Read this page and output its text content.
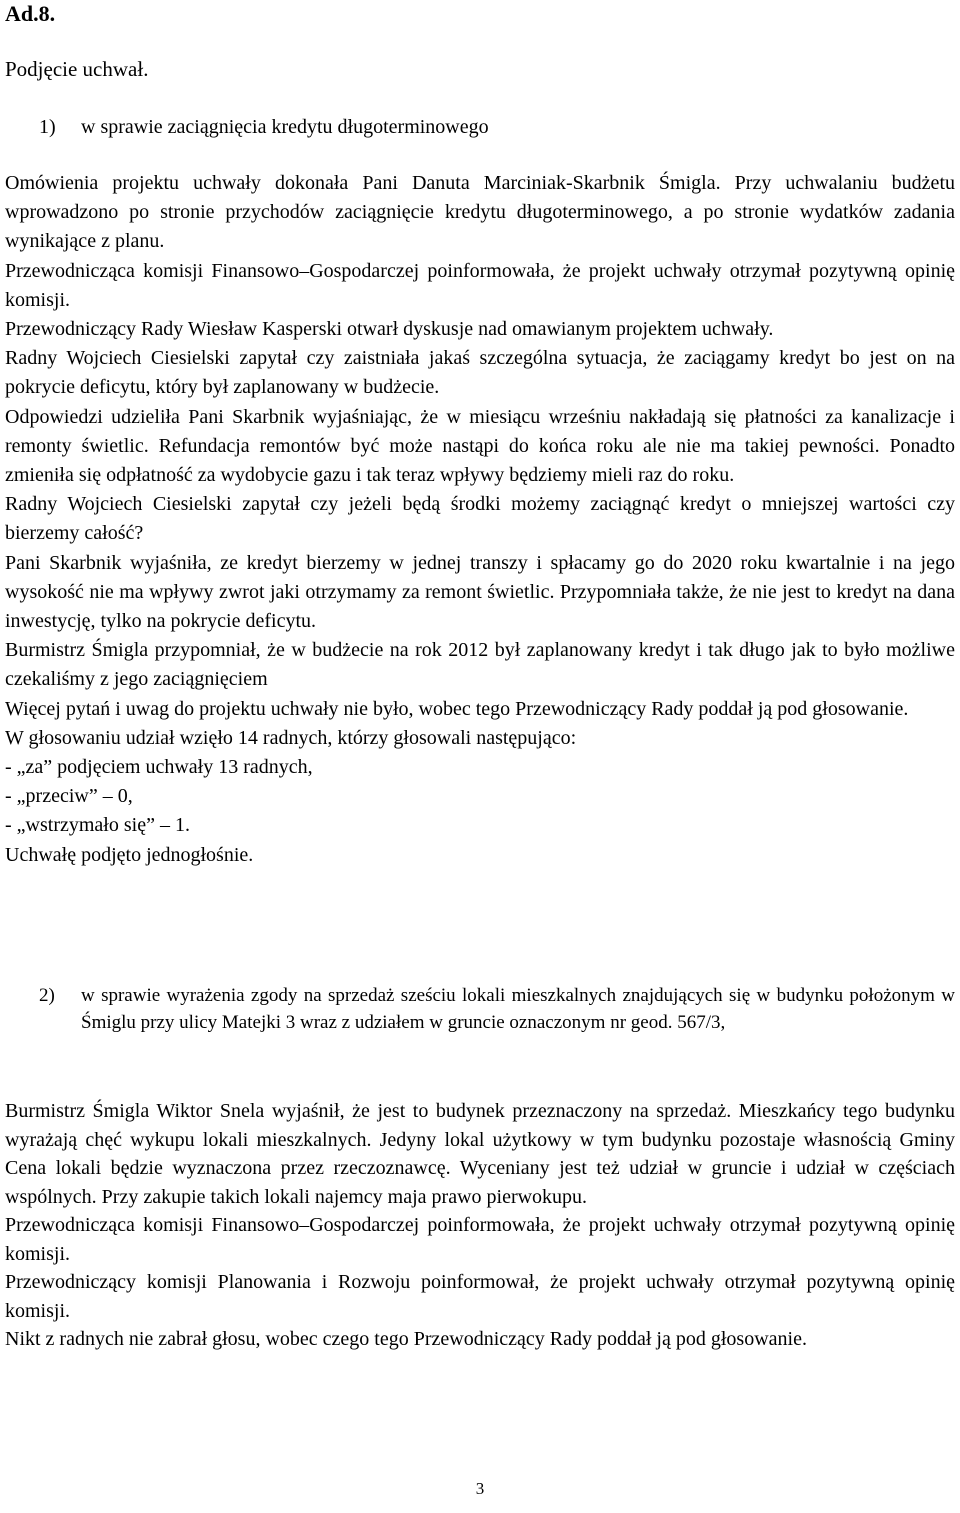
Ad.8.
Podjęcie uchwał.
1) w sprawie zaciągnięcia kredytu długoterminowego

Omówienia projektu uchwały dokonała Pani Danuta Marciniak-Skarbnik Śmigla. Przy uchwalaniu budżetu wprowadzono po stronie przychodów zaciągnięcie kredytu długoterminowego, a po stronie wydatków zadania wynikające z planu.

Przewodnicząca komisji Finansowo–Gospodarczej poinformowała, że projekt uchwały otrzymał pozytywną opinię komisji.

Przewodniczący Rady Wiesław Kasperski otwarł dyskusje nad omawianym projektem uchwały.

Radny Wojciech Ciesielski zapytał czy zaistniała jakaś szczególna sytuacja, że zaciągamy kredyt bo jest on na pokrycie deficytu, który był zaplanowany w budżecie.

Odpowiedzi udzieliła Pani Skarbnik wyjaśniając, że w miesiącu wrześniu nakładają się płatności za kanalizacje i remonty świetlic. Refundacja remontów być może nastąpi do końca roku ale nie ma takiej pewności. Ponadto zmieniła się odpłatność za wydobycie gazu i tak teraz wpływy będziemy mieli raz do roku.

Radny Wojciech Ciesielski zapytał czy jeżeli będą środki możemy zaciągnąć kredyt o mniejszej wartości czy bierzemy całość?

Pani Skarbnik wyjaśniła, ze kredyt bierzemy w jednej transzy i spłacamy go do 2020 roku kwartalnie i na jego wysokość nie ma wpływy zwrot jaki otrzymamy za remont świetlic. Przypomniała także, że nie jest to kredyt na dana inwestycję, tylko na pokrycie deficytu.

Burmistrz Śmigla przypomniał, że w budżecie na rok 2012 był zaplanowany kredyt i tak długo jak to było możliwe czekaliśmy z jego zaciągnięciem

Więcej pytań i uwag do projektu uchwały nie było, wobec tego Przewodniczący Rady poddał ją pod głosowanie.

W głosowaniu udział wzięło 14 radnych, którzy głosowali następująco:

- „za” podjęciem uchwały 13 radnych,

- „przeciw” – 0,

- „wstrzymało się” – 1.

Uchwałę podjęto jednogłośnie.

2) w sprawie wyrażenia zgody na sprzedaż sześciu lokali mieszkalnych znajdujących się w budynku położonym w Śmiglu przy ulicy Matejki 3 wraz z udziałem w gruncie oznaczonym nr geod. 567/3,

Burmistrz Śmigla Wiktor Snela wyjaśnił, że jest to budynek przeznaczony na sprzedaż. Mieszkańcy tego budynku wyrażają chęć wykupu lokali mieszkalnych. Jedyny lokal użytkowy w tym budynku pozostaje własnością Gminy Cena lokali będzie wyznaczona przez rzeczoznawcę. Wyceniany jest też udział w gruncie i udział w częściach wspólnych. Przy zakupie takich lokali najemcy maja prawo pierwokupu.

Przewodnicząca komisji Finansowo–Gospodarczej poinformowała, że projekt uchwały otrzymał pozytywną opinię komisji.

Przewodniczący komisji Planowania i Rozwoju poinformował, że projekt uchwały otrzymał pozytywną opinię komisji.

Nikt z radnych nie zabrał głosu, wobec czego tego Przewodniczący Rady poddał ją pod głosowanie.

3
